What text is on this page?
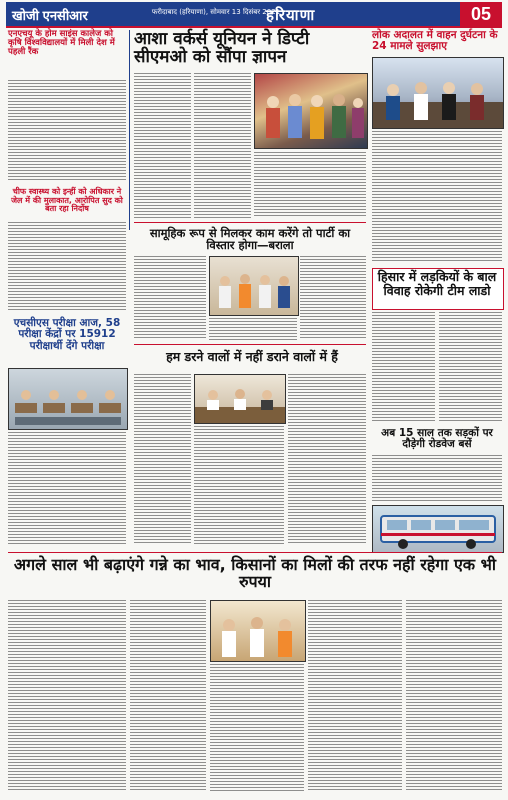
खोजी एनसीआर	फरीदाबाद (हरियाणा), सोमवार 13 दिसंबर 2021
हरियाणा	05
एनएचयू के होम साइंस कालेज को कृषि विश्वविद्यालयों में मिली देश में पहली रैंक
आशा वर्कर्स यूनियन ने डिप्टी सीएमओ को सौंपा ज्ञापन
चीफ स्वास्थ्य को इन्हीं को अधिकार ने जेल में की मुलाकात, आरोपित सुद को बता रहा निर्दोष
लोक अदालत में वाहन दुर्घटना के 24 मामले सुलझाए
सामूहिक रूप से मिलकर काम करेंगे तो पार्टी का विस्तार होगा—बराला
हिसार में लड़कियों के बाल विवाह रोकेगी टीम लाडो
एचसीएस परीक्षा आज, 58 परीक्षा केंद्रों पर 15912 परीक्षार्थी देंगे परीक्षा
हम डरने वालों में नहीं डराने वालों में हैं
अब 15 साल तक सड़कों पर दौड़ेगी रोडवेज बसें
अगले साल भी बढ़ाएंगे गन्ने का भाव, किसानों का मिलों की तरफ नहीं रहेगा एक भी रुपया
